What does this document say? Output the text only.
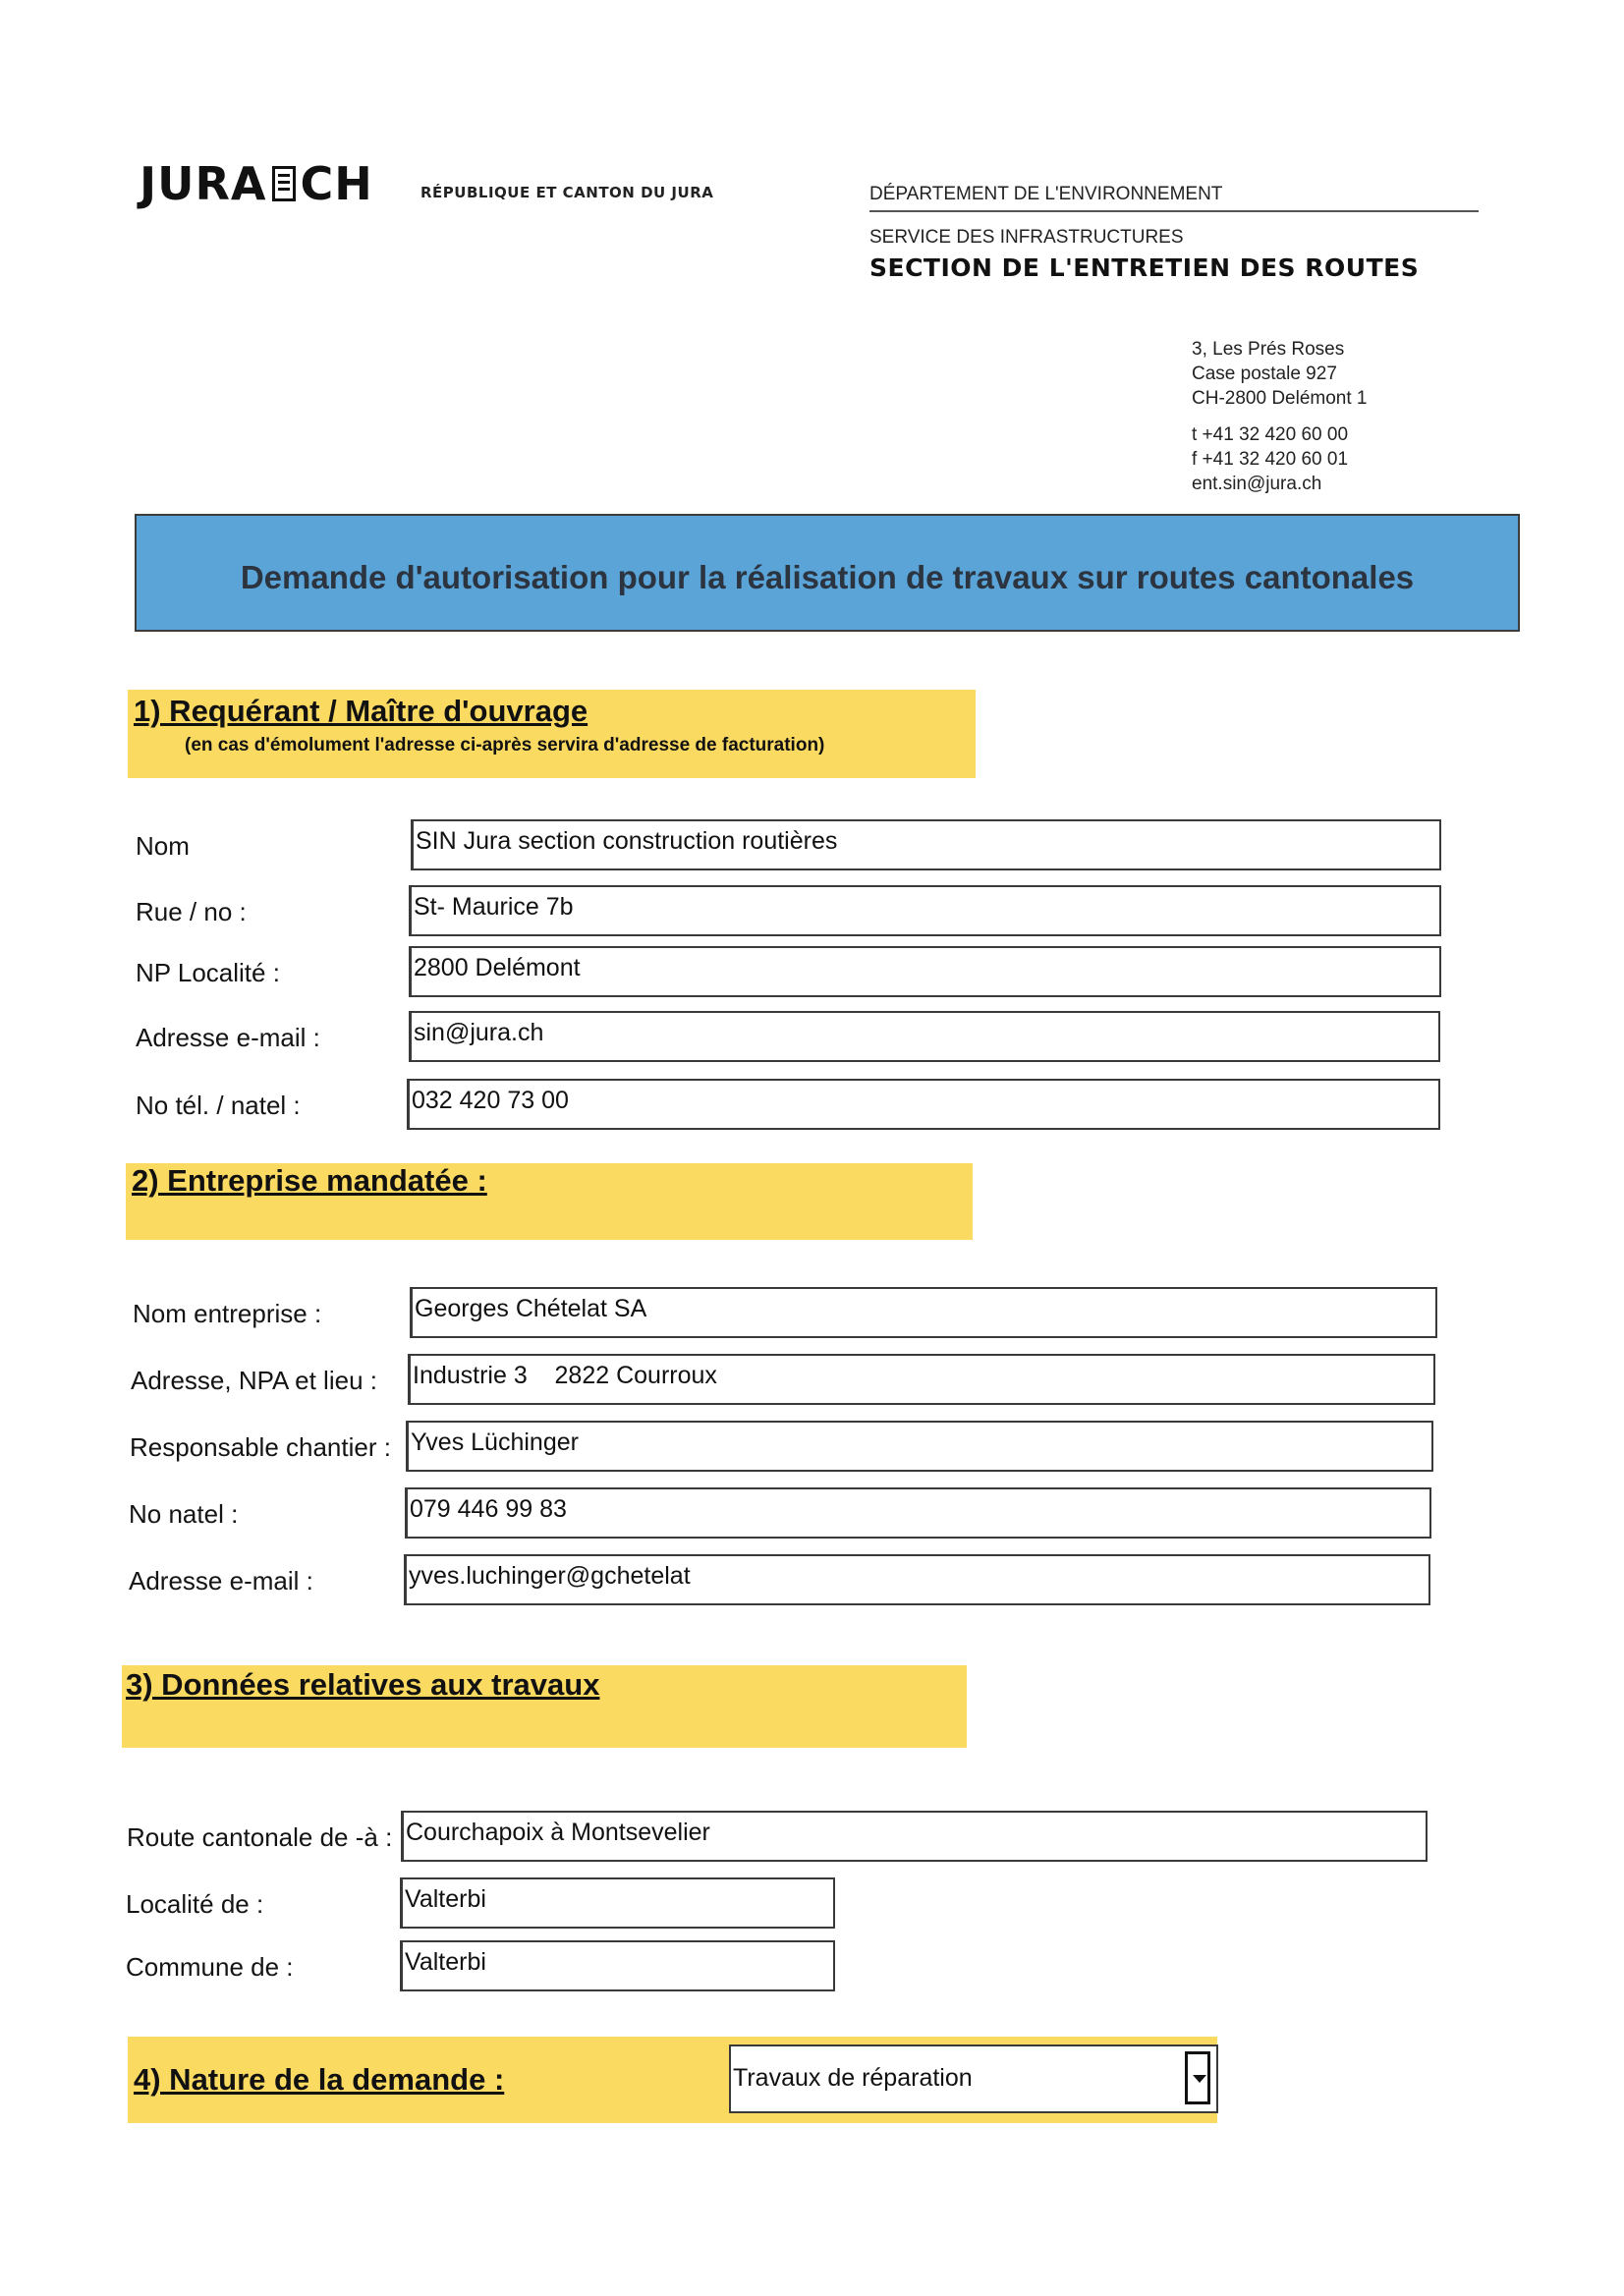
JURA CH	RÉPUBLIQUE ET CANTON DU JURA	DÉPARTEMENT DE L'ENVIRONNEMENT
SERVICE DES INFRASTRUCTURES
SECTION DE L'ENTRETIEN DES ROUTES
3, Les Prés Roses
Case postale 927
CH-2800 Delémont 1
t +41 32 420 60 00
f +41 32 420 60 01
ent.sin@jura.ch
Demande d'autorisation pour la réalisation de travaux sur routes cantonales
1) Requérant / Maître d'ouvrage
(en cas d'émolument l'adresse ci-après servira d'adresse de facturation)
Nom	SIN Jura section construction routières
Rue / no :	St- Maurice 7b
NP Localité :	2800 Delémont
Adresse e-mail :	sin@jura.ch
No tél. / natel :	032 420 73 00
2) Entreprise mandatée :
Nom entreprise :	Georges Chételat SA
Adresse, NPA et lieu : Industrie 3    2822 Courroux
Responsable chantier : Yves Lüchinger
No natel :	079 446 99 83
Adresse e-mail :	yves.luchinger@gchetelat
3) Données relatives aux travaux
Route cantonale de -à : Courchapoix à Montsevelier
Localité de :	Valterbi
Commune de :	Valterbi
4) Nature de la demande :	Travaux de réparation
